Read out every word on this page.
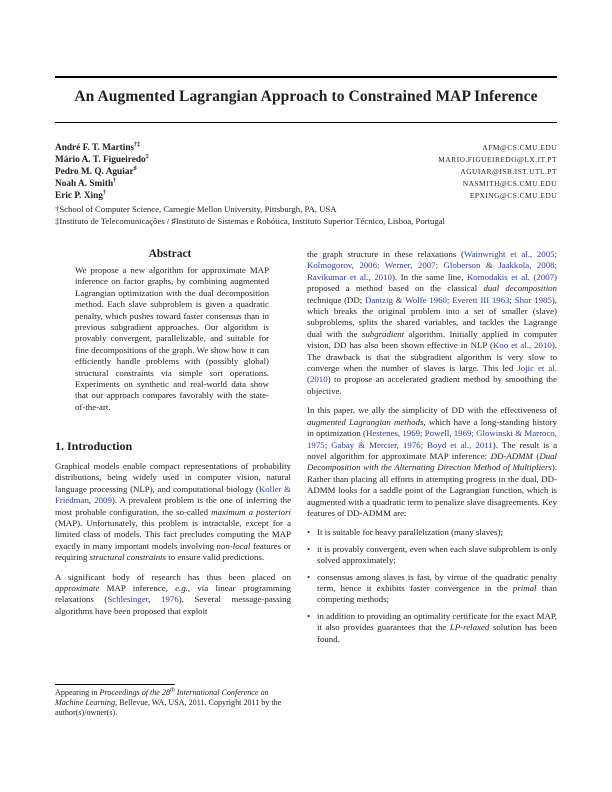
An Augmented Lagrangian Approach to Constrained MAP Inference
André F. T. Martins†‡	AFM@CS.CMU.EDU
Mário A. T. Figueiredo‡	MARIO.FIGUEIREDO@LX.IT.PT
Pedro M. Q. Aguiar♯	AGUIAR@ISR.IST.UTL.PT
Noah A. Smith†	NASMITH@CS.CMU.EDU
Eric P. Xing†	EPXING@CS.CMU.EDU
†School of Computer Science, Carnegie Mellon University, Pittsburgh, PA, USA
‡Instituto de Telecomunicações / ♯Instituto de Sistemas e Robótica, Instituto Superior Técnico, Lisboa, Portugal
Abstract
We propose a new algorithm for approximate MAP inference on factor graphs, by combining augmented Lagrangian optimization with the dual decomposition method. Each slave subproblem is given a quadratic penalty, which pushes toward faster consensus than in previous subgradient approaches. Our algorithm is provably convergent, parallelizable, and suitable for fine decompositions of the graph. We show how it can efficiently handle problems with (possibly global) structural constraints via simple sort operations. Experiments on synthetic and real-world data show that our approach compares favorably with the state-of-the-art.
1. Introduction

Graphical models enable compact representations of probability distributions, being widely used in computer vision, natural language processing (NLP), and computational biology (Koller & Friedman, 2009). A prevalent problem is the one of inferring the most probable configuration, the so-called maximum a posteriori (MAP). Unfortunately, this problem is intractable, except for a limited class of models. This fact precludes computing the MAP exactly in many important models involving non-local features or requiring structural constraints to ensure valid predictions.

A significant body of research has thus been placed on approximate MAP inference, e.g., via linear programming relaxations (Schlesinger, 1976). Several message-passing algorithms have been proposed that exploit

Appearing in Proceedings of the 28th International Conference on Machine Learning, Bellevue, WA, USA, 2011. Copyright 2011 by the author(s)/owner(s).

the graph structure in these relaxations (Wainwright et al., 2005; Kolmogorov, 2006; Werner, 2007; Globerson & Jaakkola, 2008; Ravikumar et al., 2010). In the same line, Komodakis et al. (2007) proposed a method based on the classical dual decomposition technique (DD; Dantzig & Wolfe 1960; Everett III 1963; Shor 1985), which breaks the original problem into a set of smaller (slave) subproblems, splits the shared variables, and tackles the Lagrange dual with the subgradient algorithm. Initially applied in computer vision, DD has also been shown effective in NLP (Koo et al., 2010). The drawback is that the subgradient algorithm is very slow to converge when the number of slaves is large. This led Jojic et al. (2010) to propose an accelerated gradient method by smoothing the objective.

In this paper, we ally the simplicity of DD with the effectiveness of augmented Lagrangian methods, which have a long-standing history in optimization (Hestenes, 1969; Powell, 1969; Glowinski & Marroco, 1975; Gabay & Mercier, 1976; Boyd et al., 2011). The result is a novel algorithm for approximate MAP inference: DD-ADMM (Dual Decomposition with the Alternating Direction Method of Multipliers). Rather than placing all efforts in attempting progress in the dual, DD-ADMM looks for a saddle point of the Lagrangian function, which is augmented with a quadratic term to penalize slave disagreements. Key features of DD-ADMM are:

• It is suitable for heavy parallelization (many slaves);
• it is provably convergent, even when each slave subproblem is only solved approximately;
• consensus among slaves is fast, by virtue of the quadratic penalty term, hence it exhibits faster convergence in the primal than competing methods;
• in addition to providing an optimality certificate for the exact MAP, it also provides guarantees that the LP-relaxed solution has been found.
